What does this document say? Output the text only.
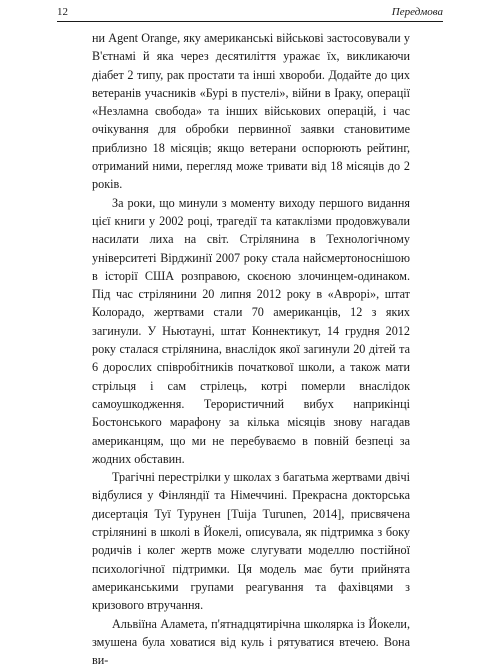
12	Передмова

ни Agent Orange, яку американські військові застосовували у В'єтнамі й яка через десятиліття уражає їх, викликаючи діабет 2 типу, рак простати та інші хвороби. Додайте до цих ветеранів учасників «Бурі в пустелі», війни в Іраку, операції «Незламна свобода» та інших військових операцій, і час очікування для обробки первинної заявки становитиме приблизно 18 місяців; якщо ветерани оспорюють рейтинг, отриманий ними, перегляд може тривати від 18 місяців до 2 років.

За роки, що минули з моменту виходу першого видання цієї книги у 2002 році, трагедії та катаклізми продовжували насилати лиха на світ. Стрілянина в Технологічному університеті Вірджинії 2007 року стала найсмертоноснішою в історії США розправою, скоєною злочинцем-одинаком. Під час стрілянини 20 липня 2012 року в «Аврорі», штат Колорадо, жертвами стали 70 американців, 12 з яких загинули. У Ньютауні, штат Коннектикут, 14 грудня 2012 року сталася стрілянина, внаслідок якої загинули 20 дітей та 6 дорослих співробітників початкової школи, а також мати стрільця і сам стрілець, котрі померли внаслідок самоушкодження. Терористичний вибух наприкінці Бостонського марафону за кілька місяців знову нагадав американцям, що ми не перебуваємо в повній безпеці за жодних обставин.

Трагічні перестрілки у школах з багатьма жертвами двічі відбулися у Фінляндії та Німеччині. Прекрасна докторська дисертація Туї Турунен [Tuija Turunen, 2014], присвячена стрілянині в школі в Йокелі, описувала, як підтримка з боку родичів і колег жертв може слугувати моделлю постійної психологічної підтримки. Ця модель має бути прийнята американськими групами реагування та фахівцями з кризового втручання.

Альвіїна Аламета, п'ятнадцятирічна школярка із Йокели, змушена була ховатися від куль і рятуватися втечею. Вона ви-
